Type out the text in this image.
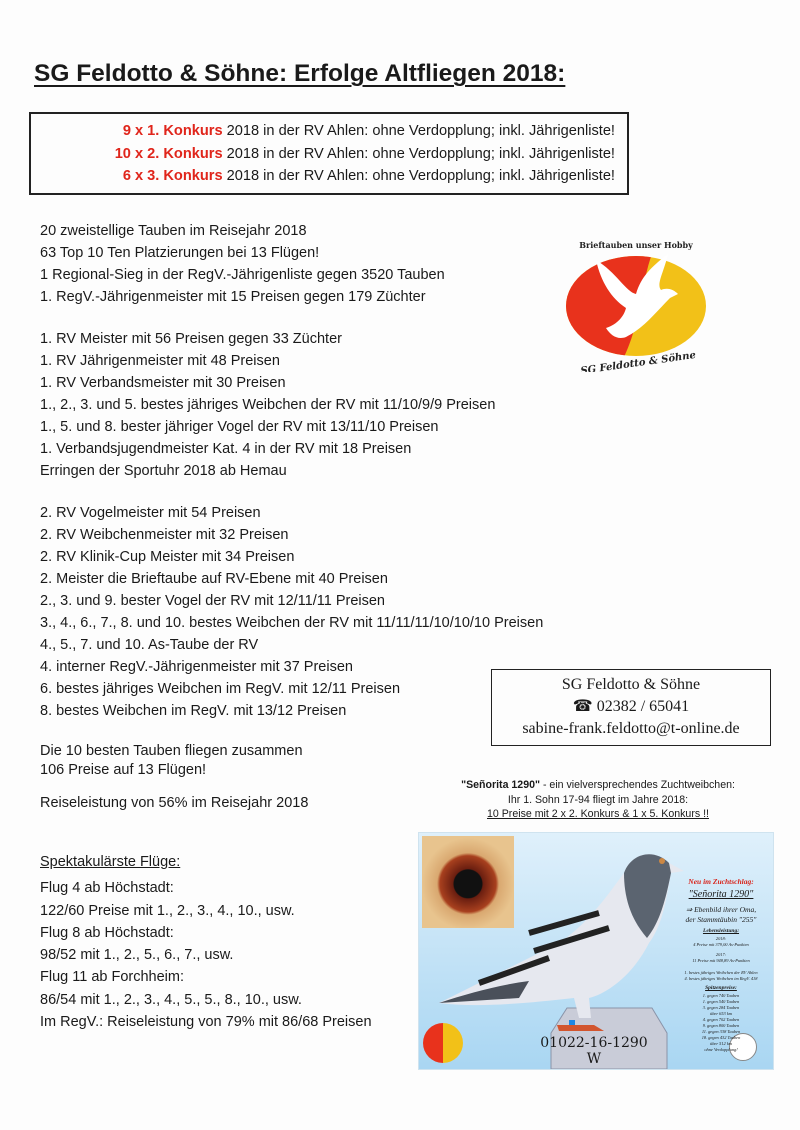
SG Feldotto & Söhne: Erfolge Altfliegen 2018:
9 x 1. Konkurs 2018 in der RV Ahlen: ohne Verdopplung; inkl. Jährigenliste!
10 x 2. Konkurs 2018 in der RV Ahlen: ohne Verdopplung; inkl. Jährigenliste!
6 x 3. Konkurs 2018 in der RV Ahlen: ohne Verdopplung; inkl. Jährigenliste!
20 zweistellige Tauben im Reisejahr 2018
63 Top 10 Ten Platzierungen bei 13 Flügen!
1 Regional-Sieg in der RegV.-Jährigenliste gegen 3520 Tauben
1. RegV.-Jährigenmeister mit 15 Preisen gegen 179 Züchter
1. RV Meister mit 56 Preisen gegen 33 Züchter
1. RV Jährigenmeister mit 48 Preisen
1. RV Verbandsmeister mit 30 Preisen
1., 2., 3. und 5. bestes jähriges Weibchen der RV mit 11/10/9/9 Preisen
1., 5. und 8. bester jähriger Vogel der RV mit 13/11/10 Preisen
1. Verbandsjugendmeister Kat. 4 in der RV mit 18 Preisen
Erringen der Sportuhr 2018 ab Hemau
2. RV Vogelmeister mit 54 Preisen
2. RV Weibchenmeister mit 32 Preisen
2. RV Klinik-Cup Meister mit 34 Preisen
2. Meister die Brieftaube auf RV-Ebene mit 40 Preisen
2., 3. und 9. bester Vogel der RV mit 12/11/11 Preisen
3., 4., 6., 7., 8. und 10. bestes Weibchen der RV mit 11/11/11/10/10/10 Preisen
4., 5., 7. und 10. As-Taube der RV
4. interner RegV.-Jährigenmeister mit 37 Preisen
6. bestes jähriges Weibchen im RegV. mit 12/11 Preisen
8. bestes Weibchen im RegV. mit 13/12 Preisen
Die 10 besten Tauben fliegen zusammen
106 Preise auf 13 Flügen!
Reiseleistung von 56% im Reisejahr 2018
Spektakulärste Flüge:
Flug 4 ab Höchstadt:
122/60 Preise mit 1., 2., 3., 4., 10., usw.
Flug 8 ab Höchstadt:
98/52 mit 1., 2., 5., 6., 7., usw.
Flug 11 ab Forchheim:
86/54 mit 1., 2., 3., 4., 5., 5., 8., 10., usw.
Im RegV.: Reiseleistung von 79% mit 86/68 Preisen
Brieftauben unser Hobby
SG Feldotto & Söhne
SG Feldotto & Söhne
☎ 02382 / 65041
sabine-frank.feldotto@t-online.de
"Señorita 1290" - ein vielversprechendes Zuchtweibchen:
Ihr 1. Sohn 17-94 fliegt im Jahre 2018:
10 Preise mit 2 x 2. Konkurs & 1 x 5. Konkurs !!
01022-16-1290 W
Neu im Zuchtschlag:
"Señorita 1290"
⇒ Ebenbild ihrer Oma,
der Stammtäubin "255"
Lebensleistung:
2018:
4 Preise mit 379,00 As-Punkten
2017:
11 Preise mit 948,89 As-Punkten
1. bestes jähriges Weibchen der RV Ahlen
4. bestes jähriges Weibchen im RegV. 418
Spitzenpreise:
1. gegen 740 Tauben
1. gegen 540 Tauben
3. gegen 284 Tauben
über 653 km
4. gegen 702 Tauben
9. gegen 800 Tauben
11. gegen 338 Tauben
18. gegen 432 Tauben
über 512 km
ohne Verdopplung!
